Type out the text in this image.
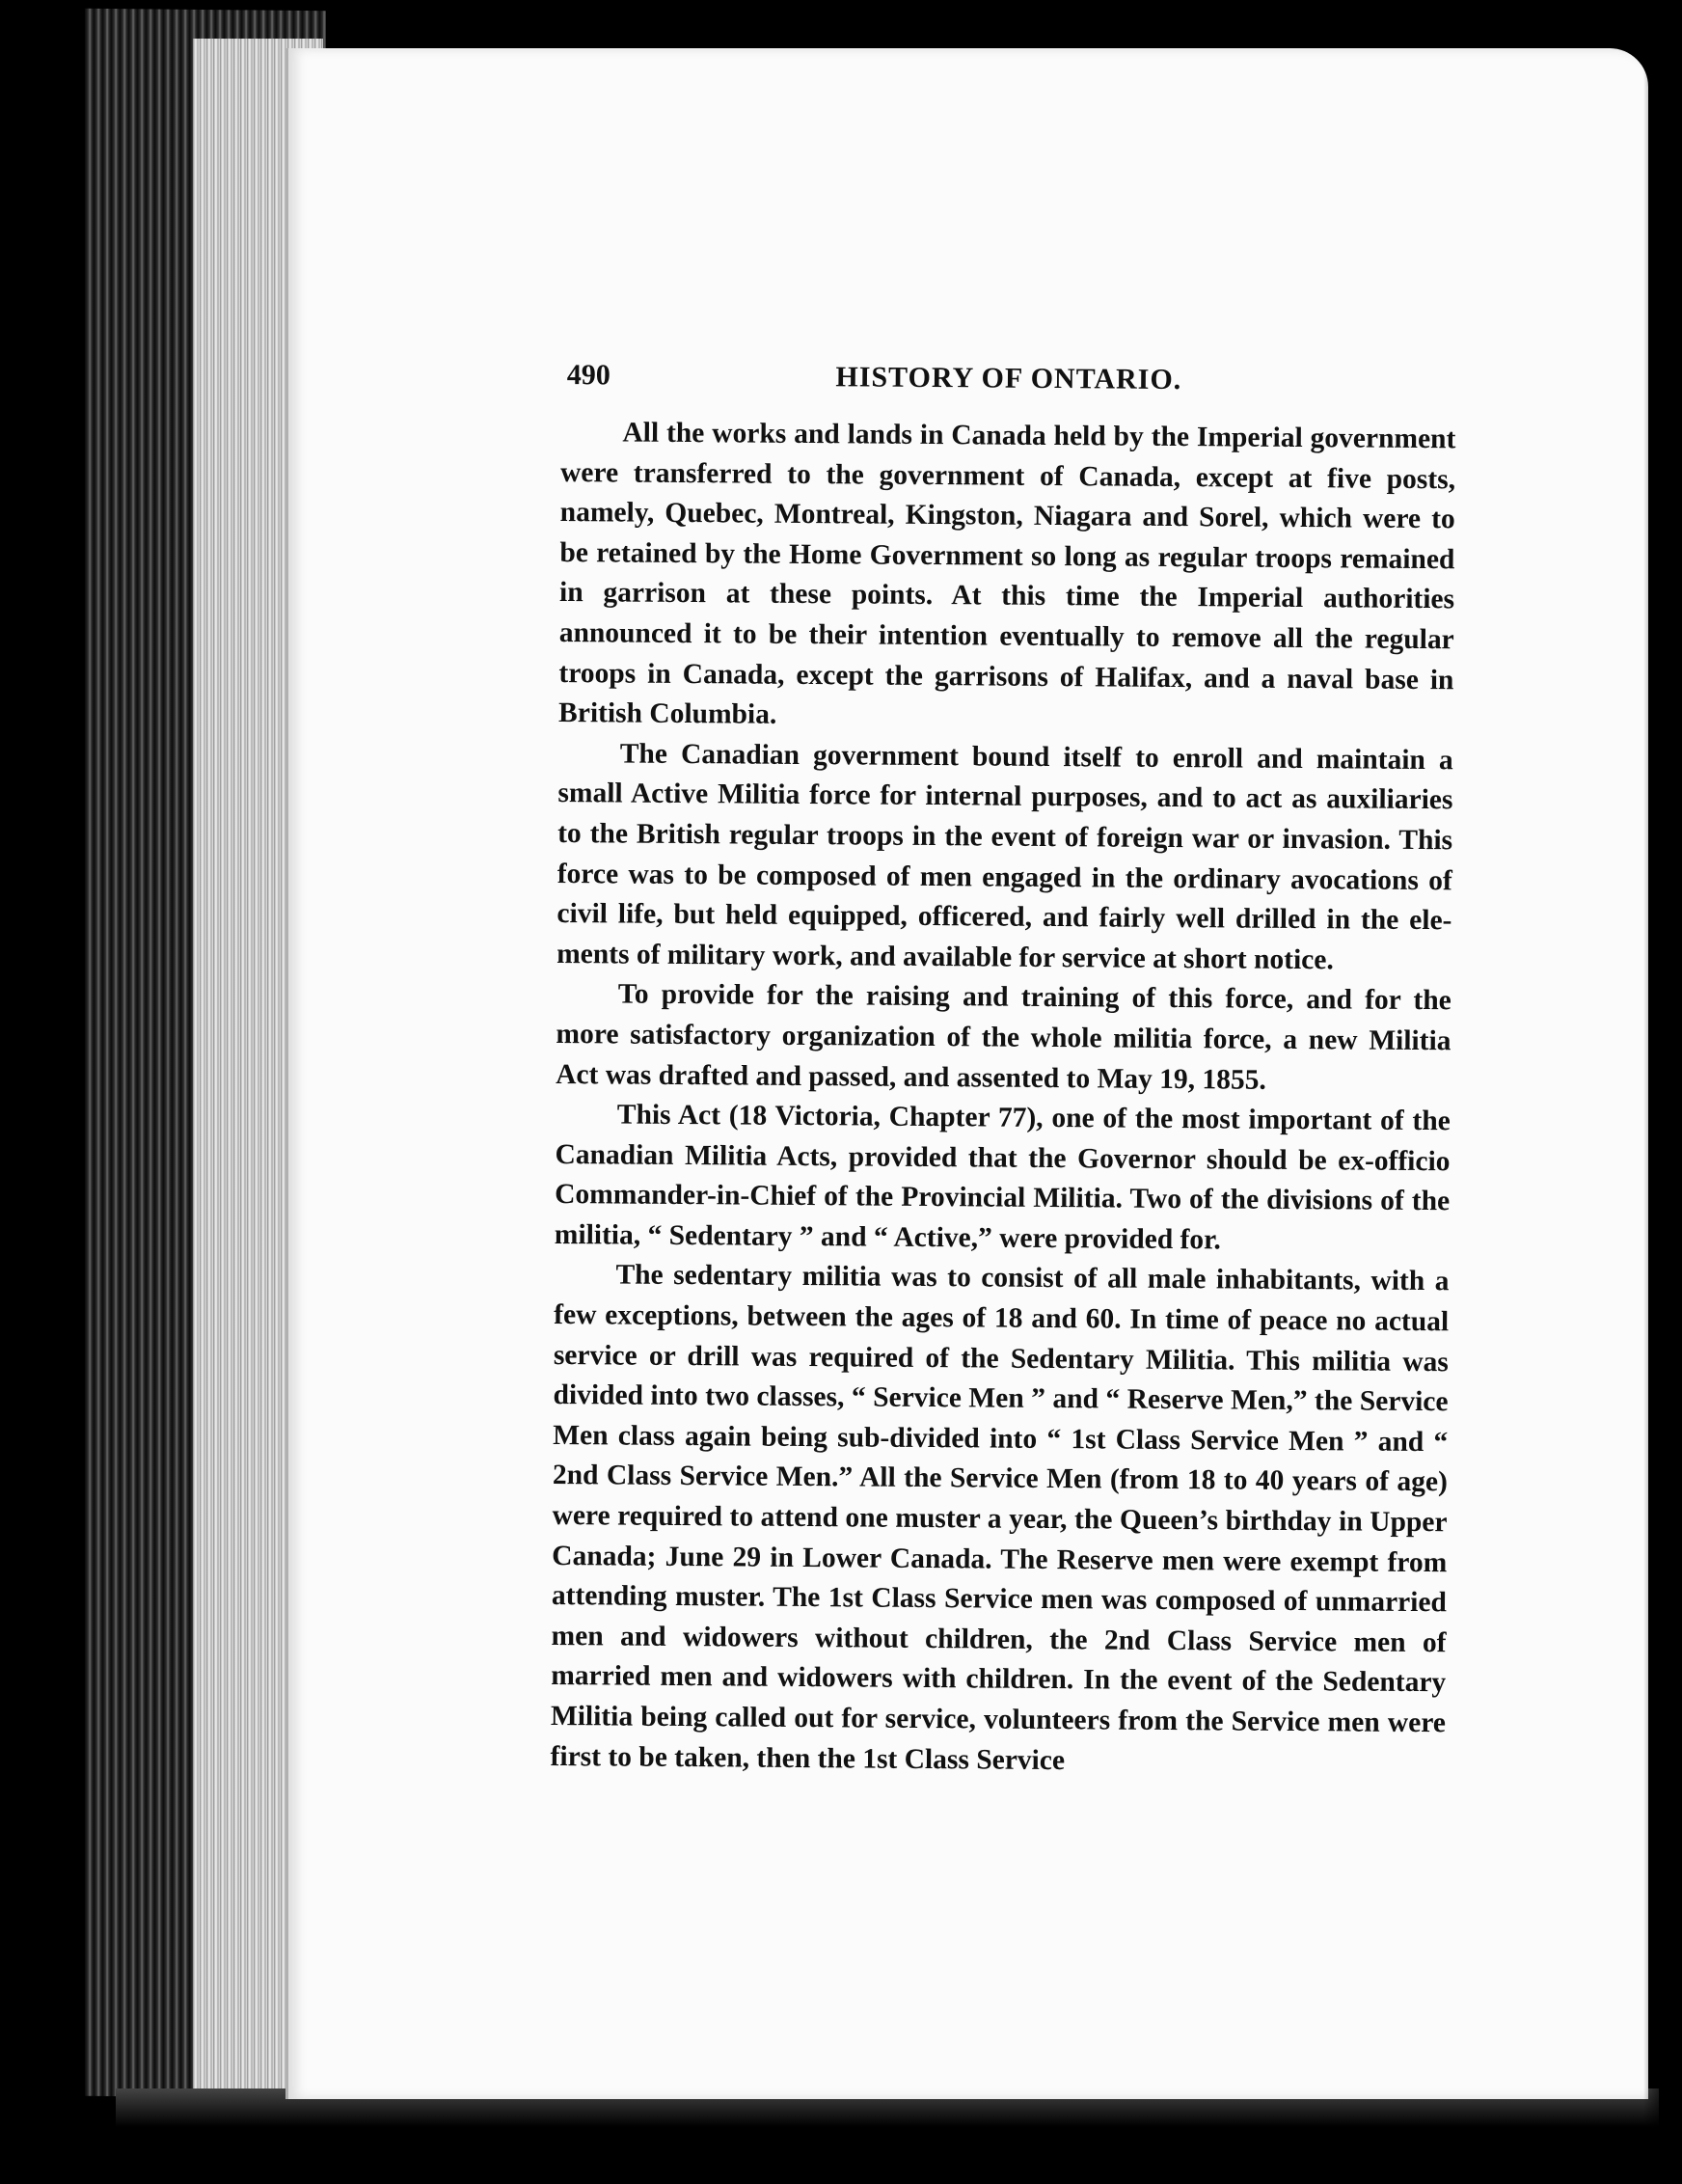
490	HISTORY OF ONTARIO.

All the works and lands in Canada held by the Imperial government were transferred to the government of Canada, except at five posts, namely, Quebec, Montreal, Kingston, Niagara and Sorel, which were to be retained by the Home Government so long as regular troops remained in garrison at these points. At this time the Imperial authorities announced it to be their intention eventually to remove all the regular troops in Canada, except the garrisons of Halifax, and a naval base in British Columbia.

The Canadian government bound itself to enroll and maintain a small Active Militia force for internal purposes, and to act as auxiliaries to the British regular troops in the event of foreign war or invasion. This force was to be composed of men engaged in the ordinary avocations of civil life, but held equipped, officered, and fairly well drilled in the elements of military work, and available for service at short notice.

To provide for the raising and training of this force, and for the more satisfactory organization of the whole militia force, a new Militia Act was drafted and passed, and assented to May 19, 1855.

This Act (18 Victoria, Chapter 77), one of the most important of the Canadian Militia Acts, provided that the Governor should be ex-officio Commander-in-Chief of the Provincial Militia. Two of the divisions of the militia, “ Sedentary ” and “ Active,” were provided for.

The sedentary militia was to consist of all male inhabitants, with a few exceptions, between the ages of 18 and 60. In time of peace no actual service or drill was required of the Sedentary Militia. This militia was divided into two classes, “ Service Men ” and “ Reserve Men,” the Service Men class again being sub-divided into “ 1st Class Service Men ” and “ 2nd Class Service Men.” All the Service Men (from 18 to 40 years of age) were required to attend one muster a year, the Queen’s birthday in Upper Canada; June 29 in Lower Canada. The Reserve men were exempt from attending muster. The 1st Class Service men was composed of unmarried men and widowers without children, the 2nd Class Service men of married men and widowers with children. In the event of the Sedentary Militia being called out for service, volunteers from the Service men were first to be taken, then the 1st Class Service
